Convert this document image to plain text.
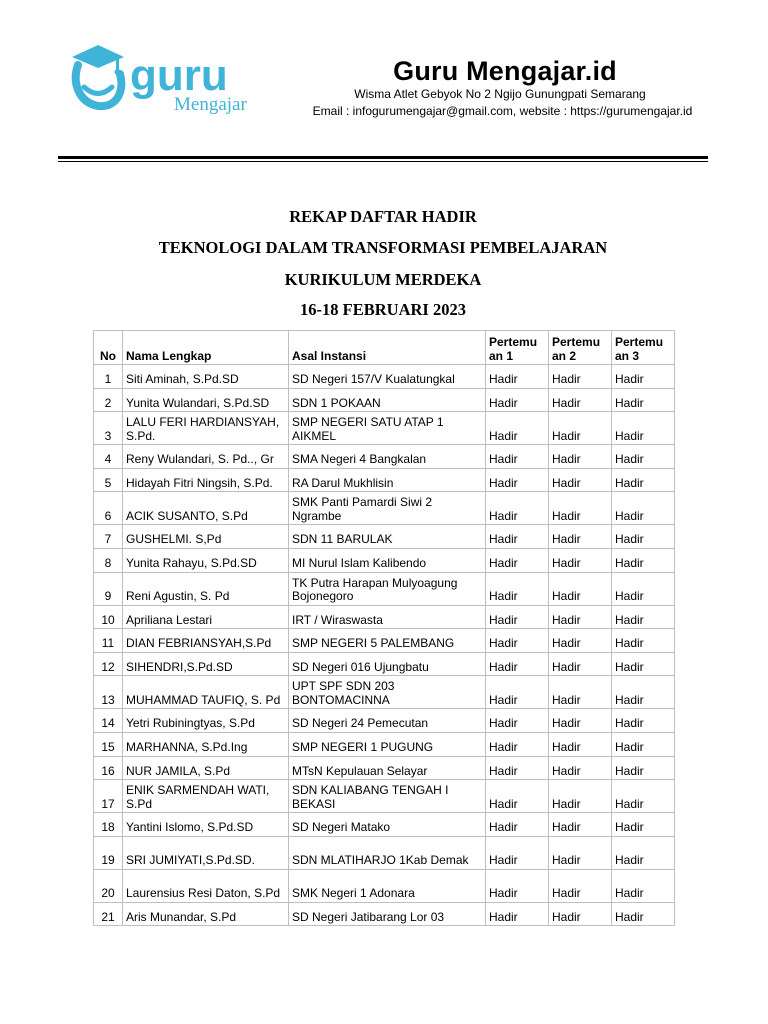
guru
Mengajar
Guru Mengajar.id
Wisma Atlet Gebyok No 2 Ngijo Gunungpati Semarang
Email : infogurumengajar@gmail.com, website : https://gurumengajar.id
REKAP DAFTAR HADIR
TEKNOLOGI DALAM TRANSFORMASI PEMBELAJARAN
KURIKULUM MERDEKA
16-18 FEBRUARI 2023
No	Nama Lengkap	Asal Instansi	Pertemu an 1	Pertemu an 2	Pertemu an 3
1	Siti Aminah, S.Pd.SD	SD Negeri 157/V Kualatungkal	Hadir	Hadir	Hadir
2	Yunita Wulandari, S.Pd.SD	SDN 1 POKAAN	Hadir	Hadir	Hadir
3	LALU FERI HARDIANSYAH, S.Pd.	SMP NEGERI SATU ATAP 1 AIKMEL	Hadir	Hadir	Hadir
4	Reny Wulandari, S. Pd.., Gr	SMA Negeri 4 Bangkalan	Hadir	Hadir	Hadir
5	Hidayah Fitri Ningsih, S.Pd.	RA Darul Mukhlisin	Hadir	Hadir	Hadir
6	ACIK SUSANTO, S.Pd	SMK Panti Pamardi Siwi 2 Ngrambe	Hadir	Hadir	Hadir
7	GUSHELMI. S,Pd	SDN 11 BARULAK	Hadir	Hadir	Hadir
8	Yunita Rahayu, S.Pd.SD	MI Nurul Islam Kalibendo	Hadir	Hadir	Hadir
9	Reni Agustin, S. Pd	TK Putra Harapan Mulyoagung Bojonegoro	Hadir	Hadir	Hadir
10	Apriliana Lestari	IRT / Wiraswasta	Hadir	Hadir	Hadir
11	DIAN FEBRIANSYAH,S.Pd	SMP NEGERI 5 PALEMBANG	Hadir	Hadir	Hadir
12	SIHENDRI,S.Pd.SD	SD Negeri 016 Ujungbatu	Hadir	Hadir	Hadir
13	MUHAMMAD TAUFIQ, S. Pd	UPT SPF SDN 203 BONTOMACINNA	Hadir	Hadir	Hadir
14	Yetri Rubiningtyas, S.Pd	SD Negeri 24 Pemecutan	Hadir	Hadir	Hadir
15	MARHANNA, S.Pd.Ing	SMP NEGERI 1 PUGUNG	Hadir	Hadir	Hadir
16	NUR JAMILA, S.Pd	MTsN Kepulauan Selayar	Hadir	Hadir	Hadir
17	ENIK SARMENDAH WATI, S.Pd	SDN KALIABANG TENGAH I BEKASI	Hadir	Hadir	Hadir
18	Yantini Islomo, S.Pd.SD	SD Negeri Matako	Hadir	Hadir	Hadir
19	SRI JUMIYATI,S.Pd.SD.	SDN MLATIHARJO 1Kab Demak	Hadir	Hadir	Hadir
20	Laurensius Resi Daton, S.Pd	SMK Negeri 1 Adonara	Hadir	Hadir	Hadir
21	Aris Munandar, S.Pd	SD Negeri Jatibarang Lor 03	Hadir	Hadir	Hadir
